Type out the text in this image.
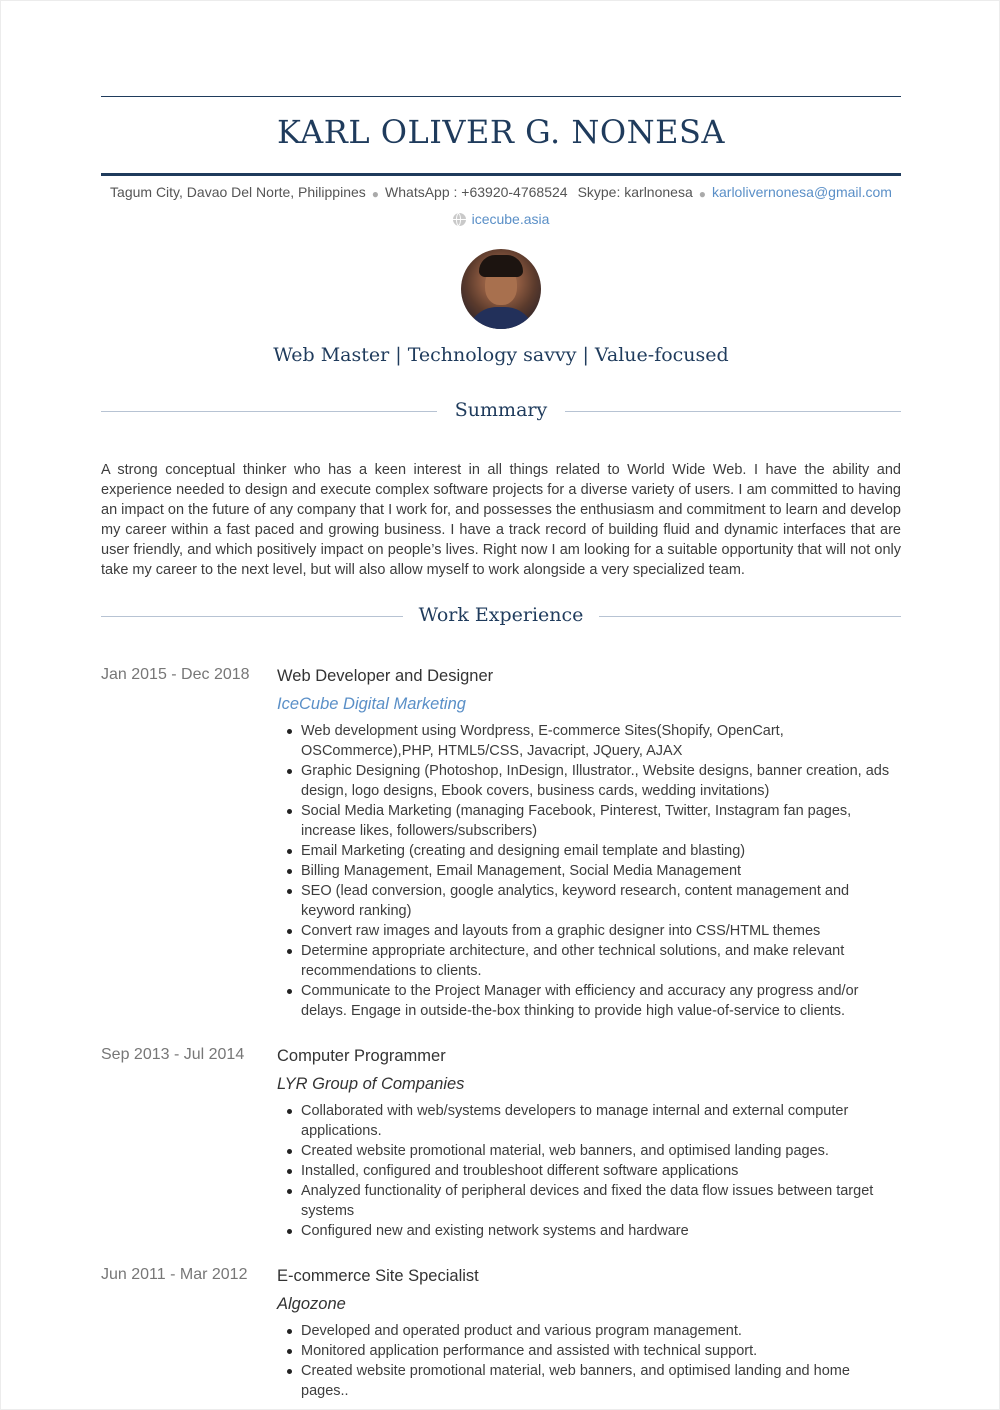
KARL OLIVER G. NONESA
Tagum City, Davao Del Norte, Philippines ● WhatsApp : +63920-4768524 Skype: karlnonesa ● karlolivernonesa@gmail.com
icecube.asia
Web Master | Technology savvy | Value-focused
Summary
A strong conceptual thinker who has a keen interest in all things related to World Wide Web. I have the ability and experience needed to design and execute complex software projects for a diverse variety of users. I am committed to having an impact on the future of any company that I work for, and possesses the enthusiasm and commitment to learn and develop my career within a fast paced and growing business. I have a track record of building fluid and dynamic interfaces that are user friendly, and which positively impact on people’s lives. Right now I am looking for a suitable opportunity that will not only take my career to the next level, but will also allow myself to work alongside a very specialized team.
Work Experience
Jan 2015 - Dec 2018 Web Developer and Designer
IceCube Digital Marketing
Web development using Wordpress, E-commerce Sites(Shopify, OpenCart, OSCommerce),PHP, HTML5/CSS, Javacript, JQuery, AJAX
Graphic Designing (Photoshop, InDesign, Illustrator., Website designs, banner creation, ads design, logo designs, Ebook covers, business cards, wedding invitations)
Social Media Marketing (managing Facebook, Pinterest, Twitter, Instagram fan pages, increase likes, followers/subscribers)
Email Marketing (creating and designing email template and blasting)
Billing Management, Email Management, Social Media Management
SEO (lead conversion, google analytics, keyword research, content management and keyword ranking)
Convert raw images and layouts from a graphic designer into CSS/HTML themes
Determine appropriate architecture, and other technical solutions, and make relevant recommendations to clients.
Communicate to the Project Manager with efficiency and accuracy any progress and/or delays. Engage in outside-the-box thinking to provide high value-of-service to clients.
Sep 2013 - Jul 2014 Computer Programmer
LYR Group of Companies
Collaborated with web/systems developers to manage internal and external computer applications.
Created website promotional material, web banners, and optimised landing pages.
Installed, configured and troubleshoot different software applications
Analyzed functionality of peripheral devices and fixed the data flow issues between target systems
Configured new and existing network systems and hardware
Jun 2011 - Mar 2012 E-commerce Site Specialist
Algozone
Developed and operated product and various program management.
Monitored application performance and assisted with technical support.
Created website promotional material, web banners, and optimised landing and home pages..
